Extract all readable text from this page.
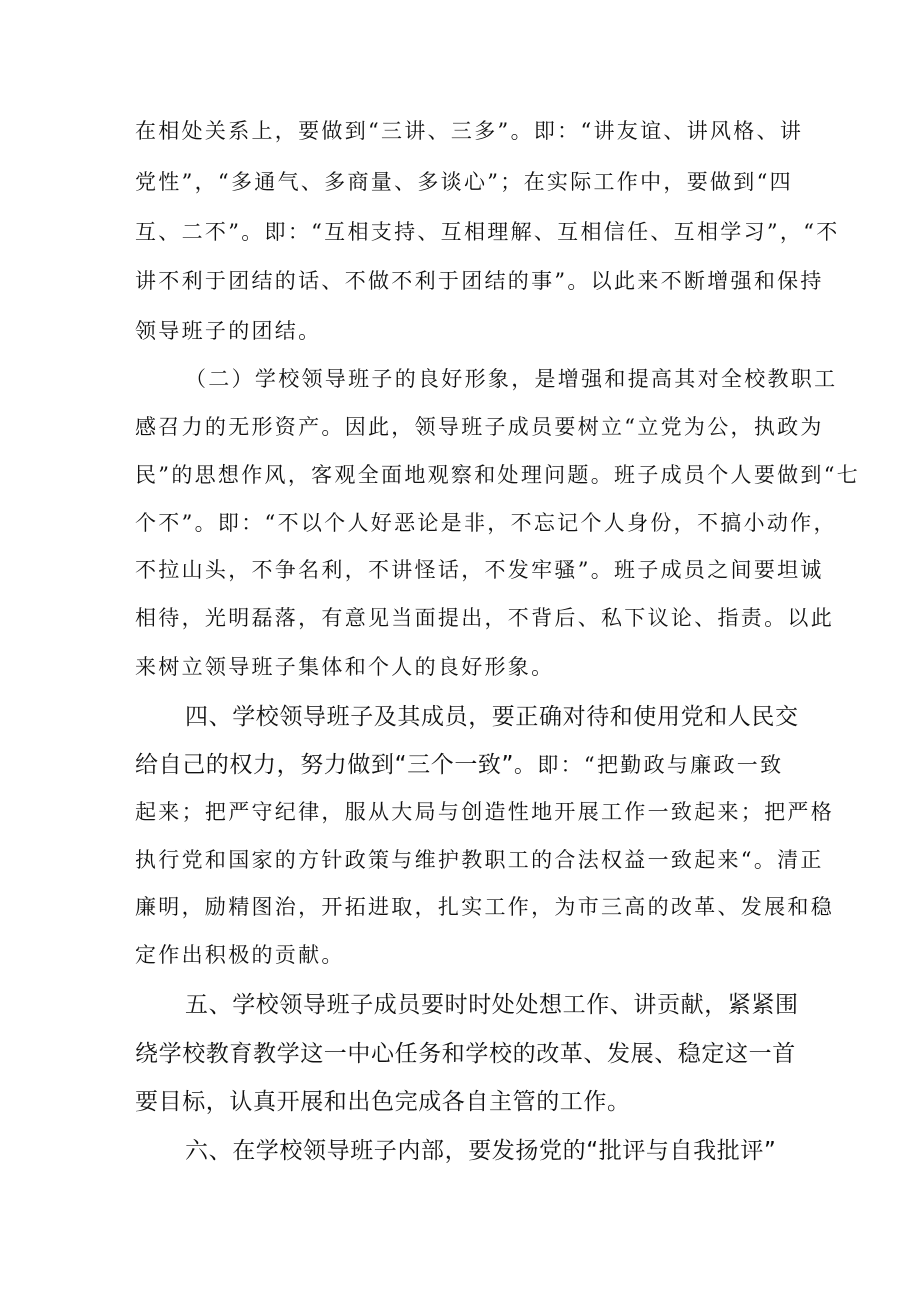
在相处关系上，要做到“三讲、三多”。即：“讲友谊、讲风格、讲
党性”，“多通气、多商量、多谈心”；在实际工作中，要做到“四
互、二不”。即：“互相支持、互相理解、互相信任、互相学习”，“不
讲不利于团结的话、不做不利于团结的事”。以此来不断增强和保持
领导班子的团结。
（二）学校领导班子的良好形象，是增强和提高其对全校教职工
感召力的无形资产。因此，领导班子成员要树立“立党为公，执政为
民”的思想作风，客观全面地观察和处理问题。班子成员个人要做到“七
个不”。即：“不以个人好恶论是非，不忘记个人身份，不搞小动作，
不拉山头，不争名利，不讲怪话，不发牢骚”。班子成员之间要坦诚
相待，光明磊落，有意见当面提出，不背后、私下议论、指责。以此
来树立领导班子集体和个人的良好形象。
四、学校领导班子及其成员，要正确对待和使用党和人民交
给自己的权力，努力做到“三个一致”。即：“把勤政与廉政一致
起来；把严守纪律，服从大局与创造性地开展工作一致起来；把严格
执行党和国家的方针政策与维护教职工的合法权益一致起来“。清正
廉明，励精图治，开拓进取，扎实工作，为市三高的改革、发展和稳
定作出积极的贡献。
五、学校领导班子成员要时时处处想工作、讲贡献，紧紧围
绕学校教育教学这一中心任务和学校的改革、发展、稳定这一首
要目标，认真开展和出色完成各自主管的工作。
六、在学校领导班子内部，要发扬党的“批评与自我批评”
